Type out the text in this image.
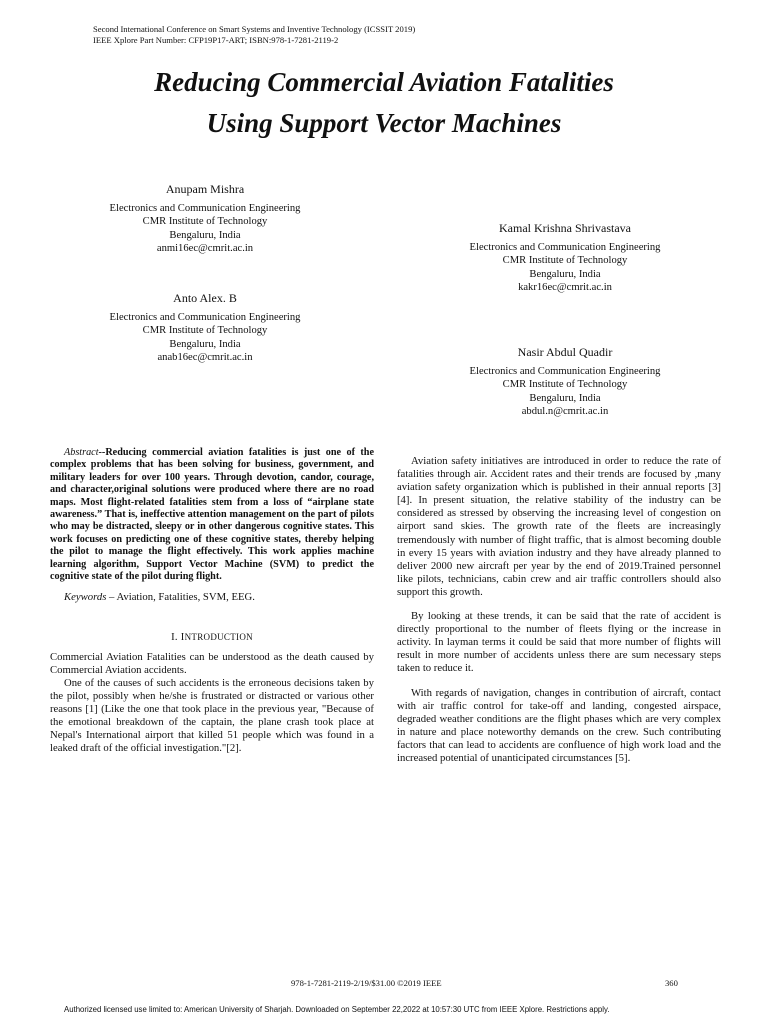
Second International Conference on Smart Systems and Inventive Technology (ICSSIT 2019)
IEEE Xplore Part Number: CFP19P17-ART; ISBN:978-1-7281-2119-2
Reducing Commercial Aviation Fatalities
Using Support Vector Machines
Anupam Mishra
Electronics and Communication Engineering
CMR Institute of Technology
Bengaluru, India
anmi16ec@cmrit.ac.in
Kamal Krishna Shrivastava
Electronics and Communication Engineering
CMR Institute of Technology
Bengaluru, India
kakr16ec@cmrit.ac.in
Anto Alex. B
Electronics and Communication Engineering
CMR Institute of Technology
Bengaluru, India
anab16ec@cmrit.ac.in	Nasir Abdul Quadir
Electronics and Communication Engineering
CMR Institute of Technology
Bengaluru, India
abdul.n@cmrit.ac.in

Abstract--Reducing commercial aviation fatalities is just one of the complex problems that has been solving for business, government, and military leaders for over 100 years. Through devotion, candor, courage, and character,original solutions were produced where there are no road maps. Most flight-related fatalities stem from a loss of “airplane state awareness.” That is, ineffective attention management on the part of pilots who may be distracted, sleepy or in other dangerous cognitive states. This work focuses on predicting one of these cognitive states, thereby helping the pilot to manage the flight effectively. This work applies machine learning algorithm, Support Vector Machine (SVM) to predict the cognitive state of the pilot during flight.

Keywords – Aviation, Fatalities, SVM, EEG.

I. INTRODUCTION

Commercial Aviation Fatalities can be understood as the death caused by Commercial Aviation accidents.

One of the causes of such accidents is the erroneous decisions taken by the pilot, possibly when he/she is frustrated or distracted or various other reasons [1] (Like the one that took place in the previous year, "Because of the emotional breakdown of the captain, the plane crash took place at Nepal's International airport that killed 51 people which was found in a leaked draft of the official investigation."[2].

Aviation safety initiatives are introduced in order to reduce the rate of fatalities through air. Accident rates and their trends are focused by ,many aviation safety organization which is published in their annual reports [3][4]. In present situation, the relative stability of the industry can be considered as stressed by observing the increasing level of congestion on airport sand skies. The growth rate of the fleets are increasingly tremendously with number of flight traffic, that is almost becoming double in every 15 years with aviation industry and they have already planned to deliver 2000 new aircraft per year by the end of 2019.Trained personnel like pilots, technicians, cabin crew and air traffic controllers should also support this growth.

By looking at these trends, it can be said that the rate of accident is directly proportional to the number of fleets flying or the increase in activity. In layman terms it could be said that more number of flights will result in more number of accidents unless there are sum necessary steps taken to reduce it.

With regards of navigation, changes in contribution of aircraft, contact with air traffic control for take-off and landing, congested airspace, degraded weather conditions are the flight phases which are very complex in nature and place noteworthy demands on the crew. Such contributing factors that can lead to accidents are confluence of high work load and the increased potential of unanticipated circumstances [5].

978-1-7281-2119-2/19/$31.00 ©2019 IEEE	360
Authorized licensed use limited to: American University of Sharjah. Downloaded on September 22,2022 at 10:57:30 UTC from IEEE Xplore. Restrictions apply.
